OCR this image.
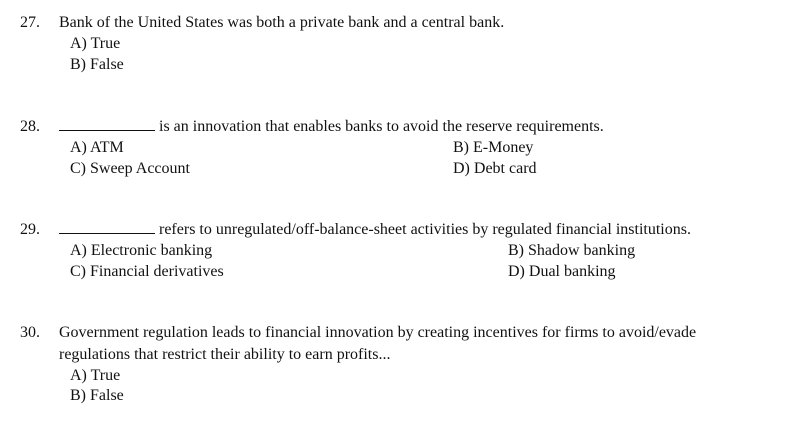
27. Bank of the United States was both a private bank and a central bank.
A) True
B) False
28.	is an innovation that enables banks to avoid the reserve requirements.
A) ATM	B) E-Money
C) Sweep Account	D) Debt card
29.	refers to unregulated/off-balance-sheet activities by regulated financial institutions.
A) Electronic banking	B) Shadow banking
C) Financial derivatives	D) Dual banking
30. Government regulation leads to financial innovation by creating incentives for firms to avoid/evade
regulations that restrict their ability to earn profits...
A) True
B) False
